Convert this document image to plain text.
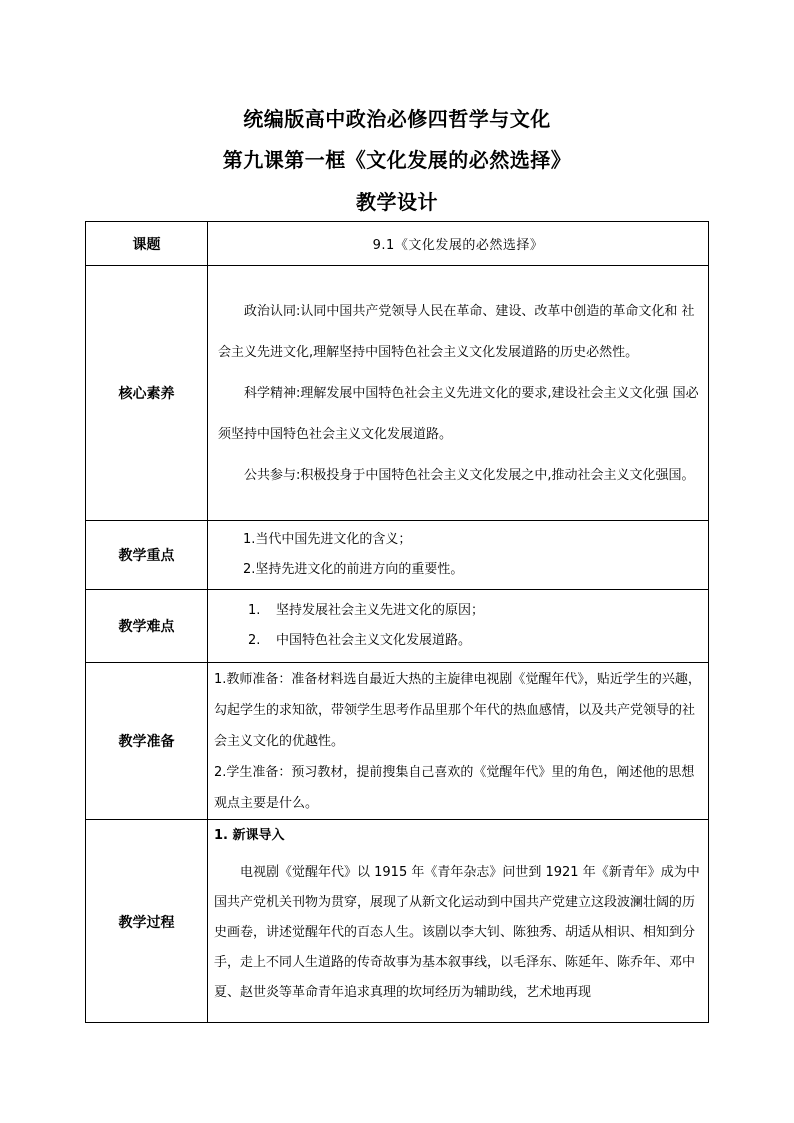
统编版高中政治必修四哲学与文化
第九课第一框《文化发展的必然选择》
教学设计
课题	9.1《文化发展的必然选择》
核心素养	政治认同:认同中国共产党领导人民在革命、建设、改革中创造的革命文化和 社会主义先进文化,理解坚持中国特色社会主义文化发展道路的历史必然性。

科学精神:理解发展中国特色社会主义先进文化的要求,建设社会主义文化强 国必须坚持中国特色社会主义文化发展道路。

公共参与:积极投身于中国特色社会主义文化发展之中,推动社会主义文化强国。

教学重点	1.当代中国先进文化的含义；
2.坚持先进文化的前进方向的重要性。

教学难点	1. 坚持发展社会主义先进文化的原因；
2. 中国特色社会主义文化发展道路。

教学准备	1.教师准备：准备材料选自最近大热的主旋律电视剧《觉醒年代》，贴近学生的兴趣，勾起学生的求知欲，带领学生思考作品里那个年代的热血感情，以及共产党领导的社会主义文化的优越性。

2.学生准备：预习教材，提前搜集自己喜欢的《觉醒年代》里的角色，阐述他的思想观点主要是什么。

教学过程	1. 新课导入

电视剧《觉醒年代》以 1915 年《青年杂志》问世到 1921 年《新青年》成为中国共产党机关刊物为贯穿，展现了从新文化运动到中国共产党建立这段波澜壮阔的历史画卷，讲述觉醒年代的百态人生。该剧以李大钊、陈独秀、胡适从相识、相知到分手，走上不同人生道路的传奇故事为基本叙事线，以毛泽东、陈延年、陈乔年、邓中夏、赵世炎等革命青年追求真理的坎坷经历为辅助线，艺术地再现
